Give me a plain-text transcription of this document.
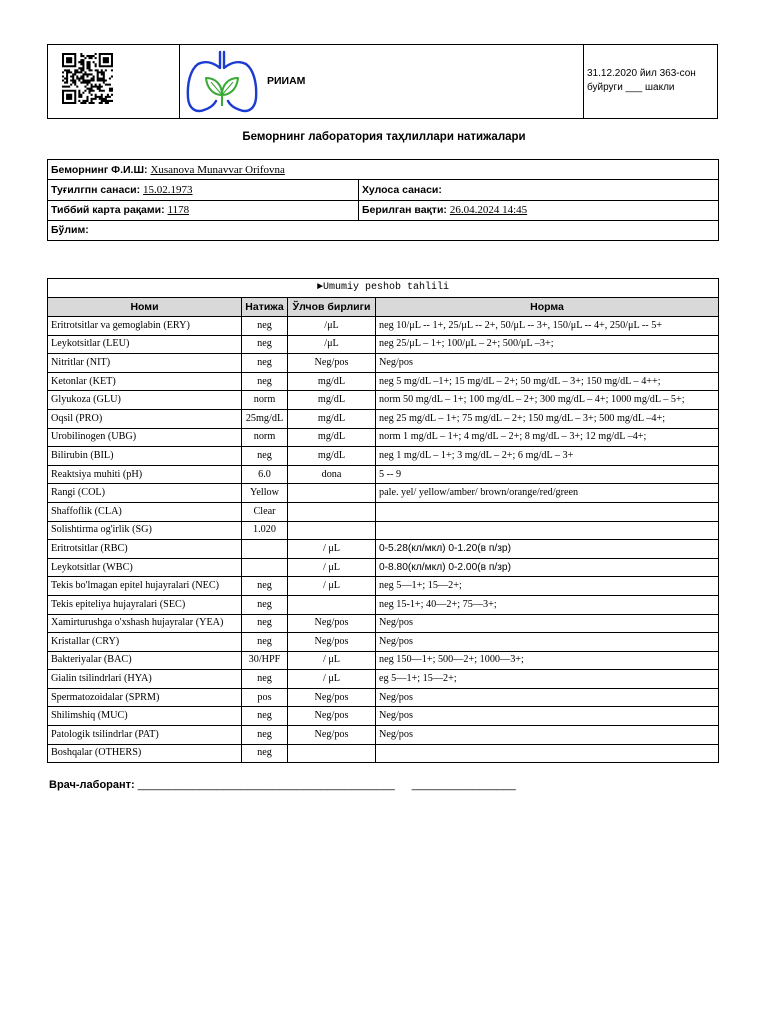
РИИАМ
31.12.2020 йил 363-сон
буйруги ___ шакли
Беморнинг лаборатория таҳлиллари натижалари
Беморнинг Ф.И.Ш: Xusanova Munavvar Orifovna	
Туғилгпн санаси: 15.02.1973	Хулоса санаси:
Тиббий карта рақами: 1178	Берилган вақти: 26.04.2024 14:45
Бўлим:	
►Umumiy peshob tahlili			
Номи	Натижа	Ўлчов бирлиги	Норма
Eritrotsitlar va gemoglabin (ERY)	neg	/μL	neg 10/μL -- 1+, 25/μL -- 2+, 50/μL -- 3+, 150/μL -- 4+, 250/μL -- 5+
Leykotsitlar (LEU)	neg	/μL	neg 25/μL – 1+; 100/μL – 2+; 500/μL –3+;
Nitritlar (NIT)	neg	Neg/pos	Neg/pos
Ketonlar (KET)	neg	mg/dL	neg 5 mg/dL –1+; 15 mg/dL – 2+; 50 mg/dL – 3+; 150 mg/dL – 4++;
Glyukoza (GLU)	norm	mg/dL	norm 50 mg/dL – 1+; 100 mg/dL – 2+; 300 mg/dL – 4+; 1000 mg/dL – 5+;
Oqsil (PRO)	25mg/dL	mg/dL	neg 25 mg/dL – 1+; 75 mg/dL – 2+; 150 mg/dL – 3+; 500 mg/dL –4+;
Urobilinogen (UBG)	norm	mg/dL	norm 1 mg/dL – 1+; 4 mg/dL – 2+; 8 mg/dL – 3+; 12 mg/dL –4+;
Bilirubin (BIL)	neg	mg/dL	neg 1 mg/dL – 1+; 3 mg/dL – 2+; 6 mg/dL – 3+
Reaktsiya muhiti (pH)	6.0	dona	5 -- 9
Rangi (COL)	Yellow		pale. yel/ yellow/amber/ brown/orange/red/green
Shaffoflik (CLA)	Clear		
Solishtirma og'irlik (SG)	1.020		
Eritrotsitlar (RBC)		/ μL	0-5.28(кл/мкл) 0-1.20(в п/зр)
Leykotsitlar (WBC)		/ μL	0-8.80(кл/мкл) 0-2.00(в п/зр)
Tekis bo'lmagan epitel hujayralari (NEC)	neg	/ μL	neg 5—1+; 15—2+;
Tekis epiteliya hujayralari (SEC)	neg		neg 15-1+; 40—2+; 75—3+;
Xamirturushga o'xshash hujayralar (YEA)	neg	Neg/pos	Neg/pos
Kristallar (CRY)	neg	Neg/pos	Neg/pos
Bakteriyalar (BAC)	30/HPF	/ μL	neg 150—1+; 500—2+; 1000—3+;
Gialin tsilindrlari (HYA)	neg	/ μL	eg 5—1+; 15—2+;
Spermatozoidalar (SPRM)	pos	Neg/pos	Neg/pos
Shilimshiq (MUC)	neg	Neg/pos	Neg/pos
Patologik tsilindrlar (PAT)	neg	Neg/pos	Neg/pos
Boshqalar (OTHERS)	neg		
Врач-лаборант: __________________________________________ _________________
